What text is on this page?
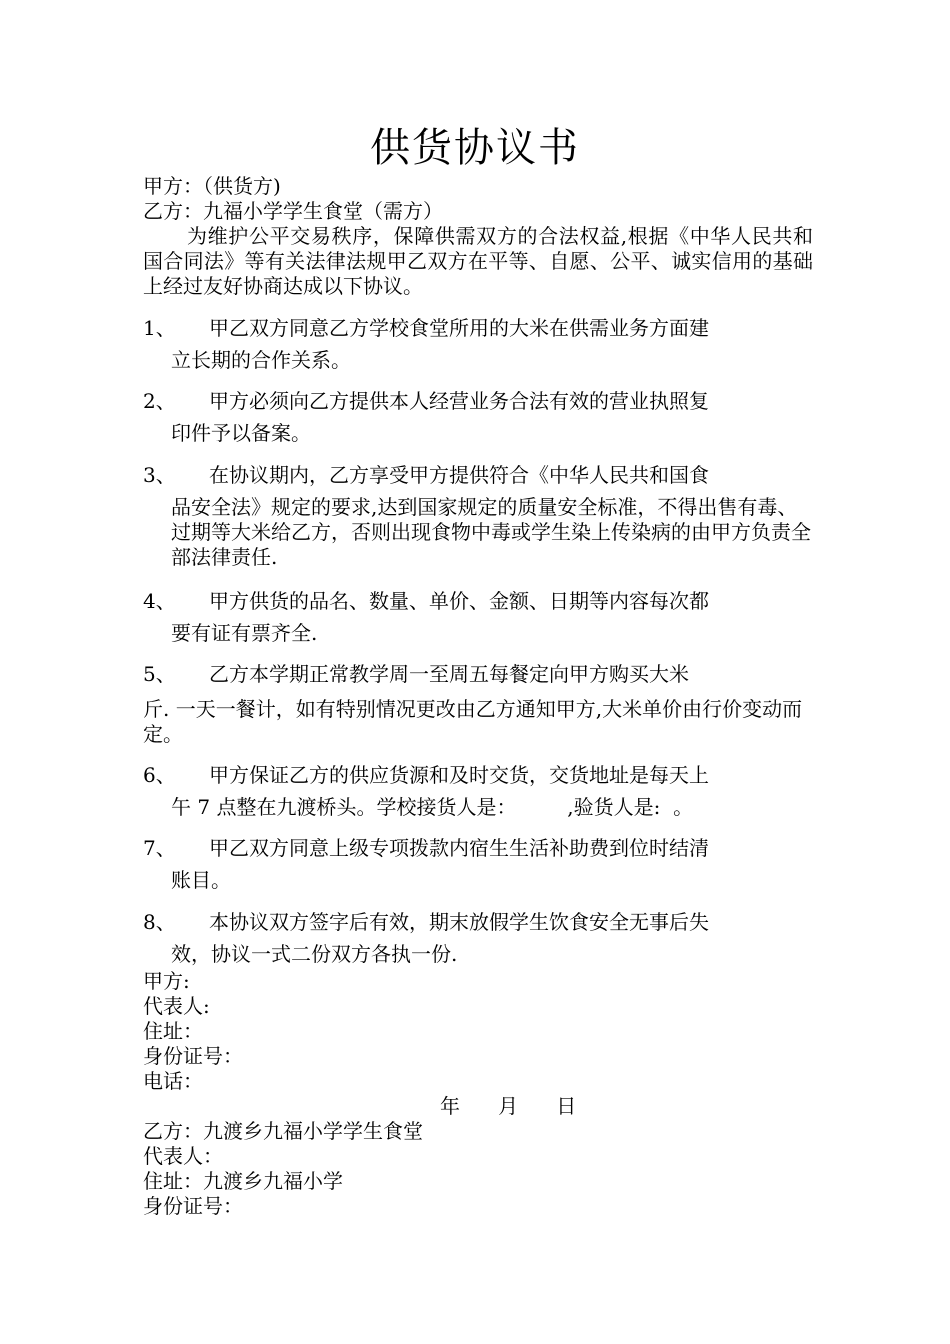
供货协议书
甲方：（供货方)
乙方：九福小学学生食堂（需方）
为维护公平交易秩序，保障供需双方的合法权益,根据《中华人民共和国合同法》等有关法律法规甲乙双方在平等、自愿、公平、诚实信用的基础上经过友好协商达成以下协议。
1、 甲乙双方同意乙方学校食堂所用的大米在供需业务方面建
立长期的合作关系。
2、 甲方必须向乙方提供本人经营业务合法有效的营业执照复
印件予以备案。
3、 在协议期内，乙方享受甲方提供符合《中华人民共和国食
品安全法》规定的要求,达到国家规定的质量安全标准，不得出售有毒、过期等大米给乙方，否则出现食物中毒或学生染上传染病的由甲方负责全部法律责任.
4、 甲方供货的品名、数量、单价、金额、日期等内容每次都
要有证有票齐全.
5、 乙方本学期正常教学周一至周五每餐定向甲方购买大米
斤. 一天一餐计，如有特别情况更改由乙方通知甲方,大米单价由行价变动而定。
6、 甲方保证乙方的供应货源和及时交货，交货地址是每天上
午 7 点整在九渡桥头。学校接货人是：        ,验货人是:  。
7、 甲乙双方同意上级专项拨款内宿生生活补助费到位时结清
账目。
8、 本协议双方签字后有效，期末放假学生饮食安全无事后失
效，协议一式二份双方各执一份.
甲方:
代表人:
住址：
身份证号：
电话：
年      月      日
乙方：九渡乡九福小学学生食堂
代表人：
住址：九渡乡九福小学
身份证号：
